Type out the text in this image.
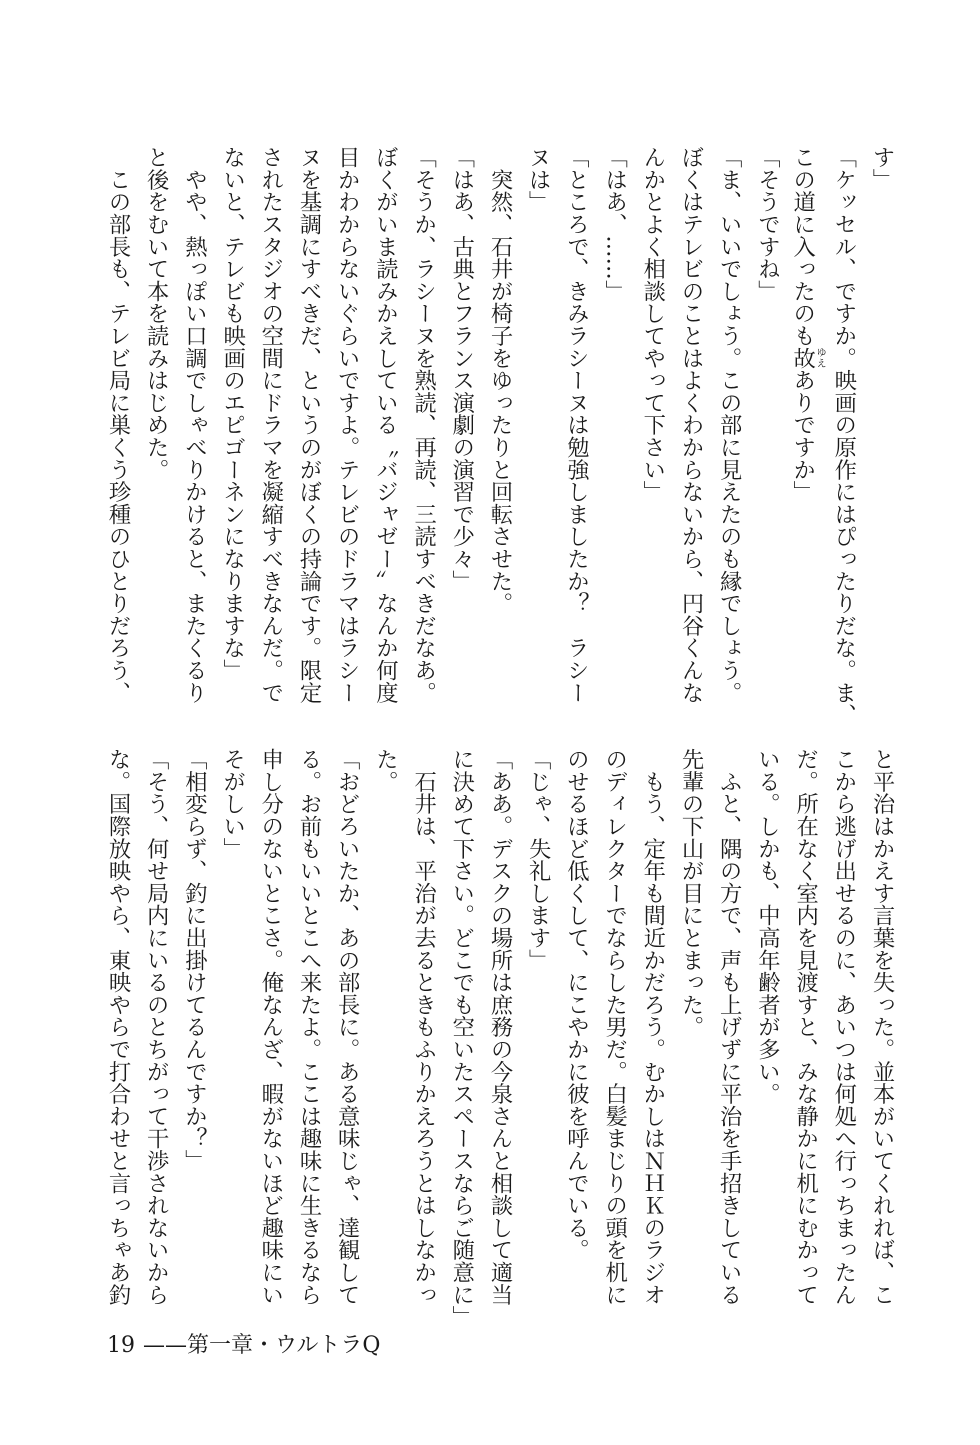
す」
「ケッセル、ですか。映画の原作にはぴったりだな。ま、
この道に入ったのも故ゆえありですか」
「そうですね」
「ま、いいでしょう。この部に見えたのも縁でしょう。
ぼくはテレビのことはよくわからないから、円谷くんな
んかとよく相談してやって下さい」
「はあ、……」
「ところで、きみラシーヌは勉強しましたか？　ラシー
ヌは」
　突然、石井が椅子をゆったりと回転させた。
「はあ、古典とフランス演劇の演習で少々」
「そうか、ラシーヌを熟読、再読、三読すべきだなあ。
ぼくがいま読みかえしている〝バジャゼー〟なんか何度
目かわからないぐらいですよ。テレビのドラマはラシー
ヌを基調にすべきだ、というのがぼくの持論です。限定
されたスタジオの空間にドラマを凝縮すべきなんだ。で
ないと、テレビも映画のエピゴーネンになりますな」
　やや、熱っぽい口調でしゃべりかけると、またくるり
と後をむいて本を読みはじめた。
　この部長も、テレビ局に巣くう珍種のひとりだろう、
と平治はかえす言葉を失った。並本がいてくれれば、こ
こから逃げ出せるのに、あいつは何処へ行っちまったん
だ。所在なく室内を見渡すと、みな静かに机にむかって
いる。しかも、中高年齢者が多い。
　ふと、隅の方で、声も上げずに平治を手招きしている
先輩の下山が目にとまった。
　もう、定年も間近かだろう。むかしはＮＨＫのラジオ
のディレクターでならした男だ。白髪まじりの頭を机に
のせるほど低くして、にこやかに彼を呼んでいる。
「じゃ、失礼します」
「ああ。デスクの場所は庶務の今泉さんと相談して適当
に決めて下さい。どこでも空いたスペースならご随意に」
　石井は、平治が去るときもふりかえろうとはしなかっ
た。
「おどろいたか、あの部長に。ある意味じゃ、達観して
る。お前もいいとこへ来たよ。ここは趣味に生きるなら
申し分のないとこさ。俺なんざ、暇がないほど趣味にい
そがしい」
「相変らず、釣に出掛けてるんですか？」
「そう、何せ局内にいるのとちがって干渉されないから
な。国際放映やら、東映やらで打合わせと言っちゃあ釣
19 ——第一章・ウルトラQ
